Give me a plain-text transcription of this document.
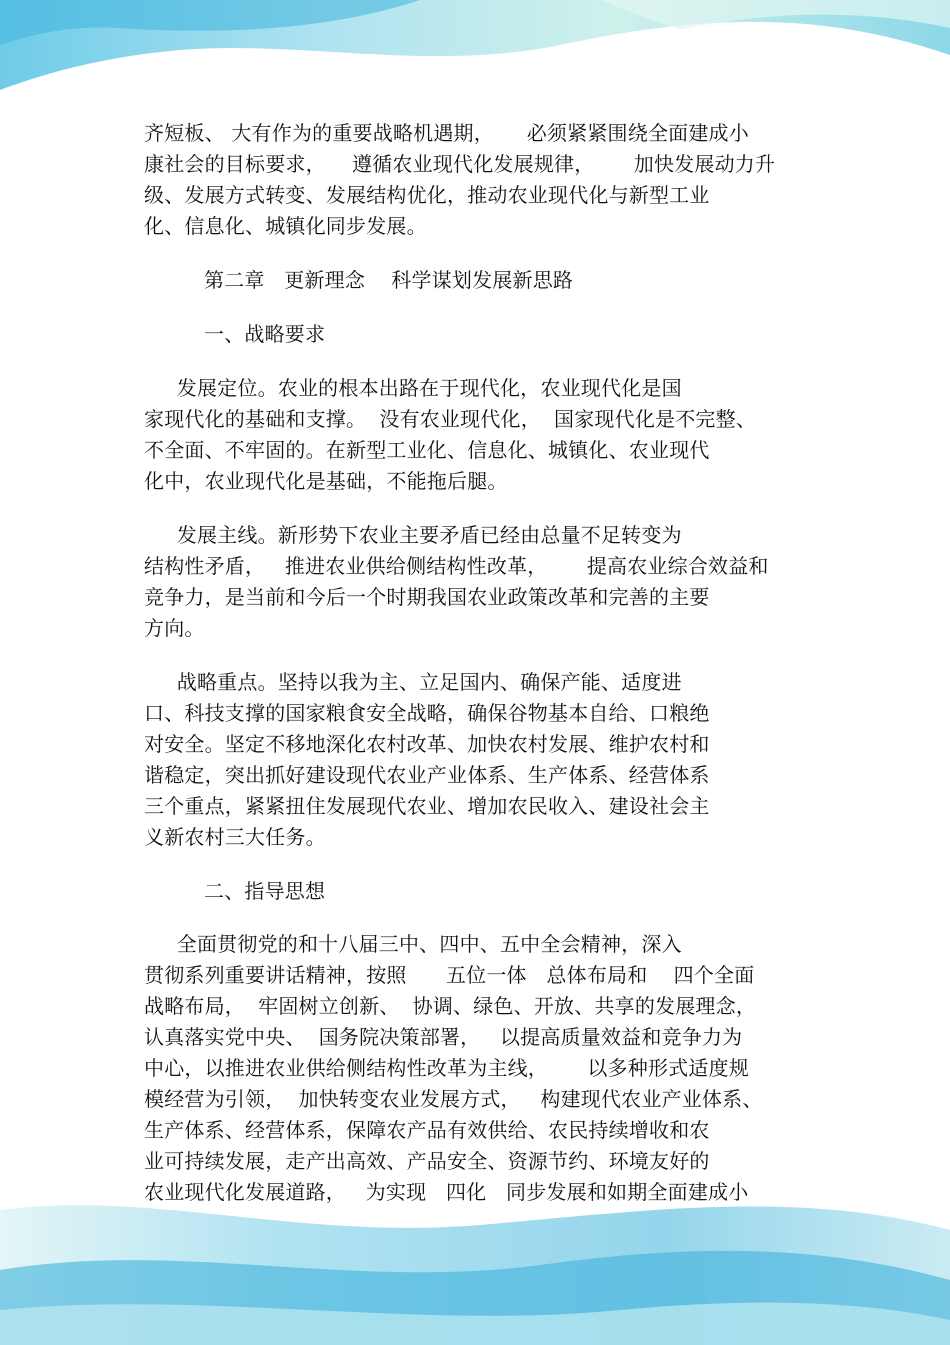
齐短板、 大有作为的重要战略机遇期，     必须紧紧围绕全面建成小
康社会的目标要求，    遵循农业现代化发展规律，      加快发展动力升
级、发展方式转变、发展结构优化，推动农业现代化与新型工业
化、信息化、城镇化同步发展。
第二章   更新理念    科学谋划发展新思路
一、战略要求
发展定位。农业的根本出路在于现代化，农业现代化是国
家现代化的基础和支撑。  没有农业现代化，  国家现代化是不完整、
不全面、不牢固的。在新型工业化、信息化、城镇化、农业现代
化中，农业现代化是基础，不能拖后腿。
发展主线。新形势下农业主要矛盾已经由总量不足转变为
结构性矛盾，   推进农业供给侧结构性改革，      提高农业综合效益和
竞争力，是当前和今后一个时期我国农业政策改革和完善的主要
方向。
战略重点。坚持以我为主、立足国内、确保产能、适度进
口、科技支撑的国家粮食安全战略，确保谷物基本自给、口粮绝
对安全。坚定不移地深化农村改革、加快农村发展、维护农村和
谐稳定，突出抓好建设现代农业产业体系、生产体系、经营体系
三个重点，紧紧扭住发展现代农业、增加农民收入、建设社会主
义新农村三大任务。
二、指导思想
全面贯彻党的和十八届三中、四中、五中全会精神，深入
贯彻系列重要讲话精神，按照      五位一体   总体布局和    四个全面
战略布局，  牢固树立创新、  协调、绿色、开放、共享的发展理念，
认真落实党中央、  国务院决策部署，   以提高质量效益和竞争力为
中心，以推进农业供给侧结构性改革为主线，      以多种形式适度规
模经营为引领，  加快转变农业发展方式，   构建现代农业产业体系、
生产体系、经营体系，保障农产品有效供给、农民持续增收和农
业可持续发展，走产出高效、产品安全、资源节约、环境友好的
农业现代化发展道路，   为实现   四化   同步发展和如期全面建成小
